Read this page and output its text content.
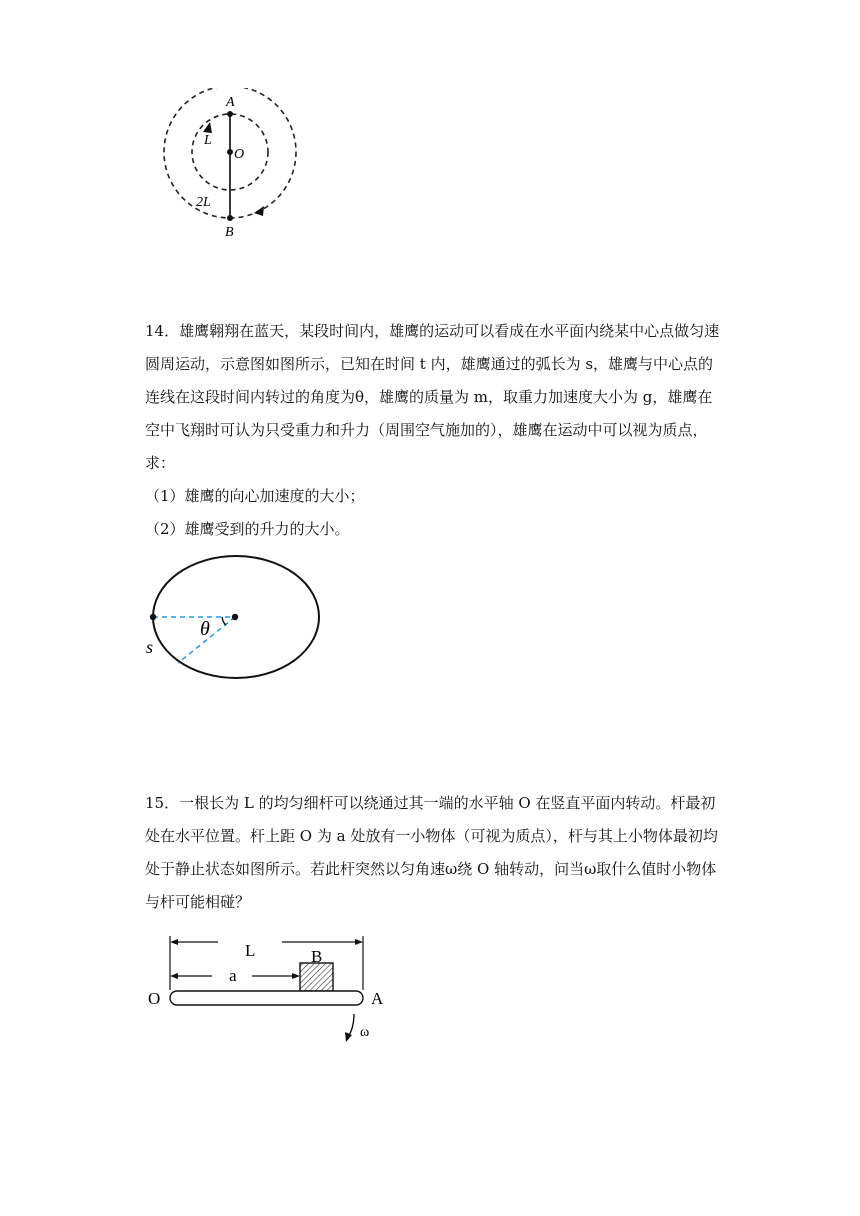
A
L
O
2L
B
14．雄鹰翱翔在蓝天，某段时间内，雄鹰的运动可以看成在水平面内绕某中心点做匀速
圆周运动，示意图如图所示，已知在时间 t 内，雄鹰通过的弧长为 s，雄鹰与中心点的
连线在这段时间内转过的角度为θ，雄鹰的质量为 m，取重力加速度大小为 g，雄鹰在
空中飞翔时可认为只受重力和升力（周围空气施加的），雄鹰在运动中可以视为质点，
求：
（1）雄鹰的向心加速度的大小；
（2）雄鹰受到的升力的大小。
θ
s
15．一根长为 L 的均匀细杆可以绕通过其一端的水平轴 O 在竖直平面内转动。杆最初
处在水平位置。杆上距 O 为 a 处放有一小物体（可视为质点），杆与其上小物体最初均
处于静止状态如图所示。若此杆突然以匀角速ω绕 O 轴转动，问当ω取什么值时小物体
与杆可能相碰？
L
a
B
O	A
ω
